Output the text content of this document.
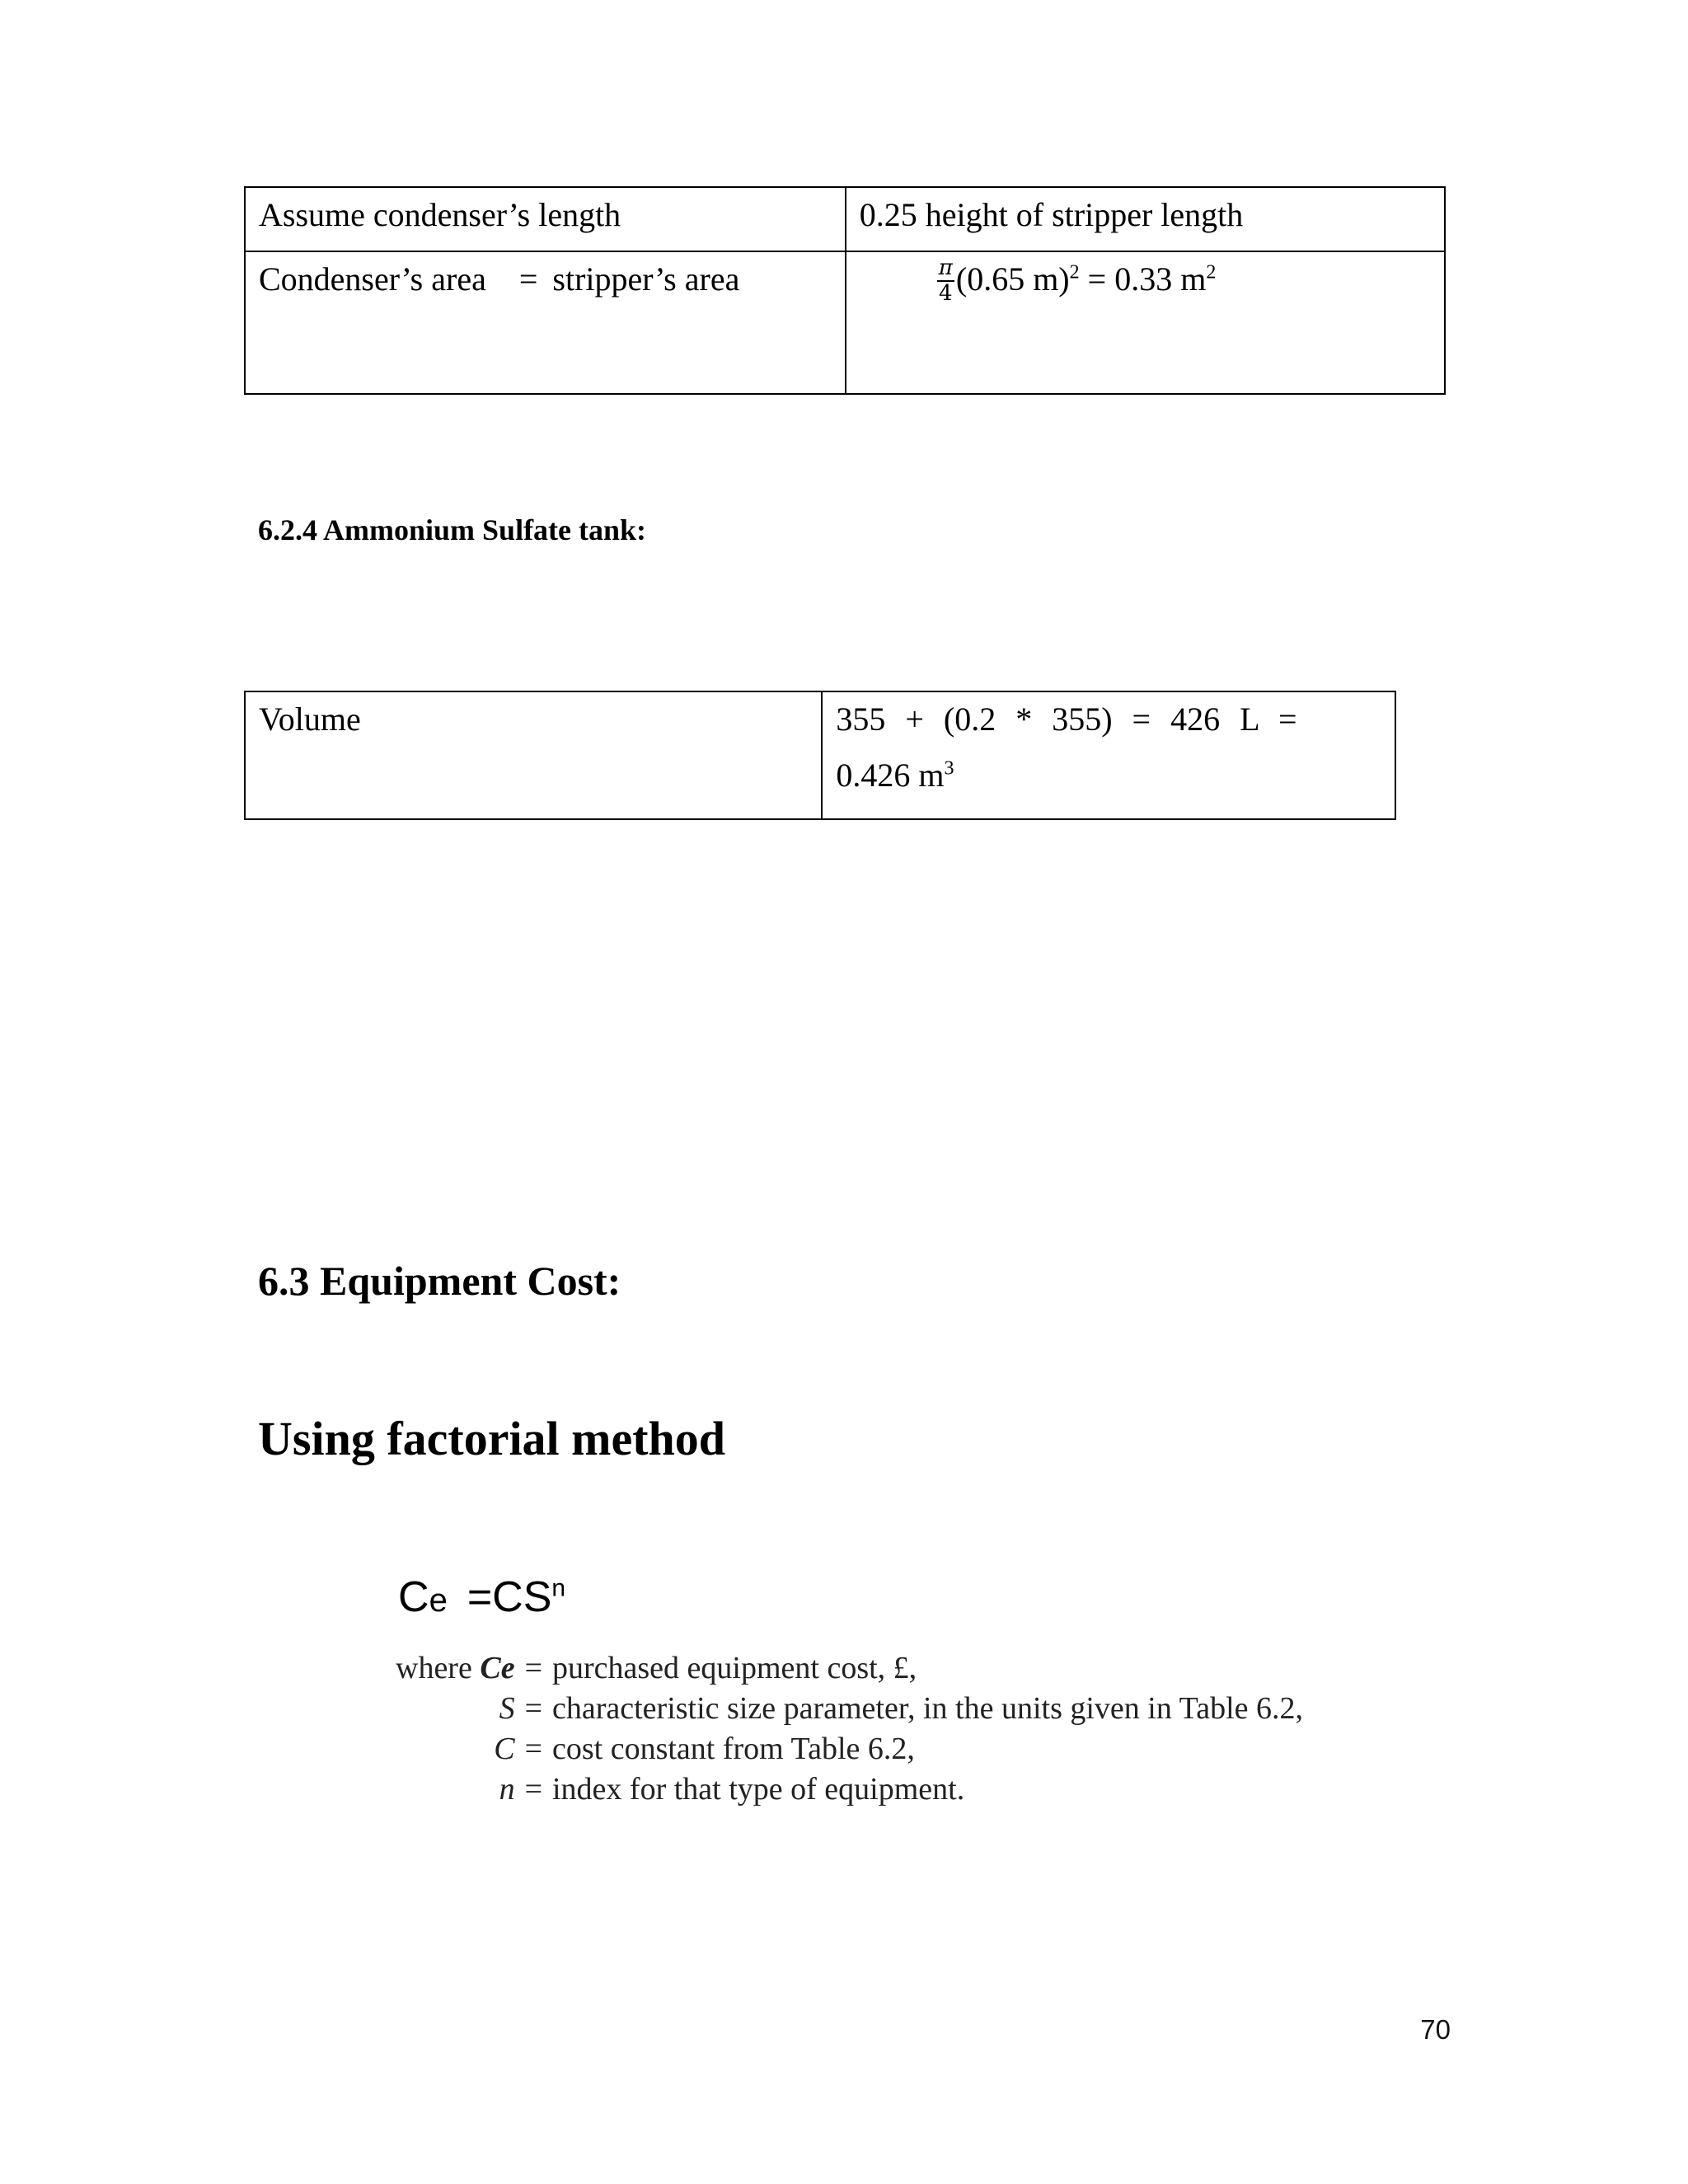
Assume condenser’s length	0.25 height of stripper length
Condenser’s area = stripper’s area	$\frac{\pi}{4} (0.65$ m)$^2$ = 0.33 $m^2$
6.2.4 Ammonium Sulfate tank:
Volume	355 + (0.2 * 355) = 426 L =
0.426 $m^3$
6.3 Equipment Cost:
Using factorial method
$Ce =CS^n$
where Ce	=	purchased equipment cost, £,
S	=	characteristic size parameter, in the units given in Table 6.2,
C	=	cost constant from Table 6.2,
n	=	index for that type of equipment.
70
